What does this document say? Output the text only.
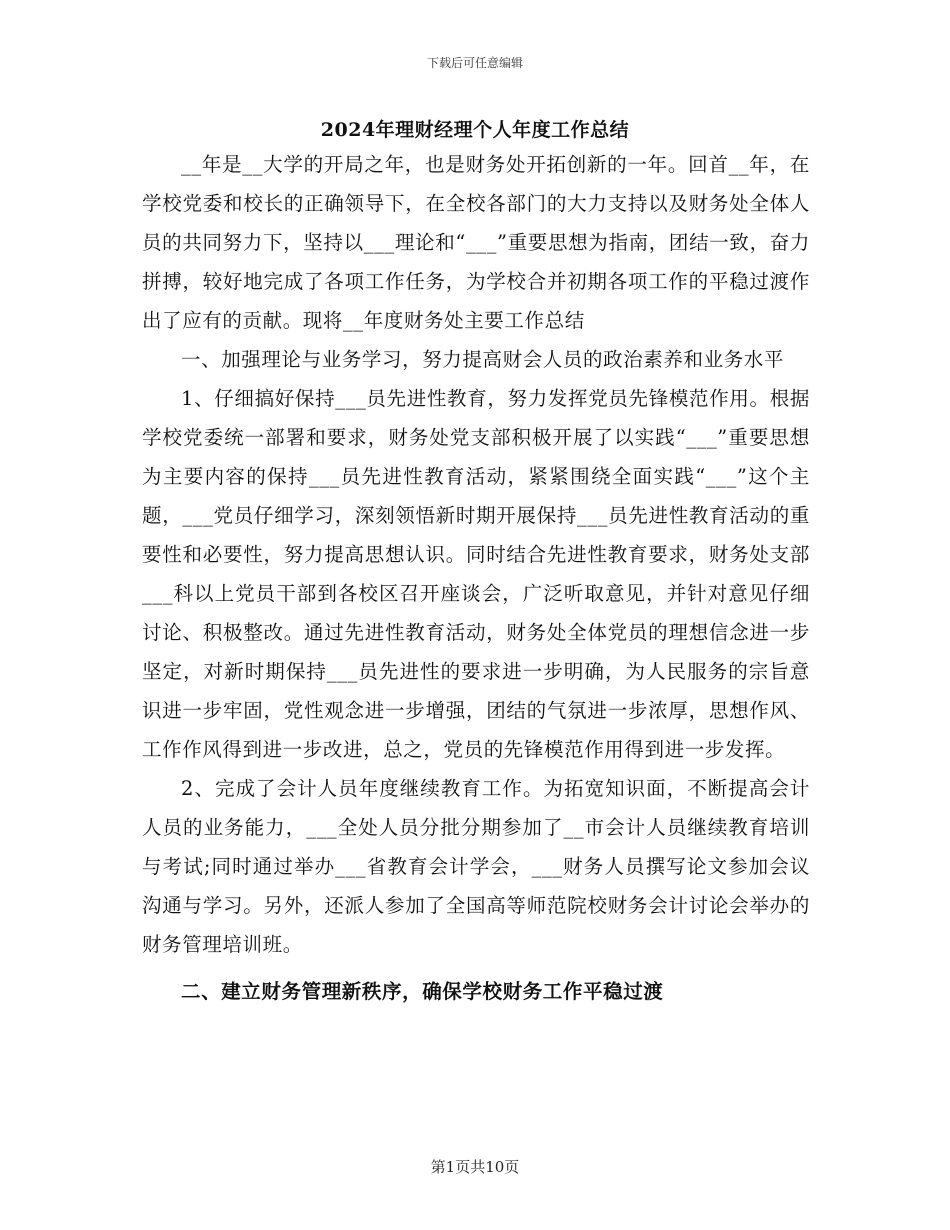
下载后可任意编辑
2024年理财经理个人年度工作总结

__年是__大学的开局之年，也是财务处开拓创新的一年。回首__年，在学校党委和校长的正确领导下，在全校各部门的大力支持以及财务处全体人员的共同努力下，坚持以___理论和“___”重要思想为指南，团结一致，奋力拼搏，较好地完成了各项工作任务，为学校合并初期各项工作的平稳过渡作出了应有的贡献。现将__年度财务处主要工作总结

一、加强理论与业务学习，努力提高财会人员的政治素养和业务水平

1、仔细搞好保持___员先进性教育，努力发挥党员先锋模范作用。根据学校党委统一部署和要求，财务处党支部积极开展了以实践“___”重要思想为主要内容的保持___员先进性教育活动，紧紧围绕全面实践“___”这个主题，___党员仔细学习，深刻领悟新时期开展保持___员先进性教育活动的重要性和必要性，努力提高思想认识。同时结合先进性教育要求，财务处支部___科以上党员干部到各校区召开座谈会，广泛听取意见，并针对意见仔细讨论、积极整改。通过先进性教育活动，财务处全体党员的理想信念进一步坚定，对新时期保持___员先进性的要求进一步明确，为人民服务的宗旨意识进一步牢固，党性观念进一步增强，团结的气氛进一步浓厚，思想作风、工作作风得到进一步改进，总之，党员的先锋模范作用得到进一步发挥。

2、完成了会计人员年度继续教育工作。为拓宽知识面，不断提高会计人员的业务能力，___全处人员分批分期参加了__市会计人员继续教育培训与考试;同时通过举办___省教育会计学会，___财务人员撰写论文参加会议沟通与学习。另外，还派人参加了全国高等师范院校财务会计讨论会举办的财务管理培训班。

二、建立财务管理新秩序，确保学校财务工作平稳过渡

第1页共10页
